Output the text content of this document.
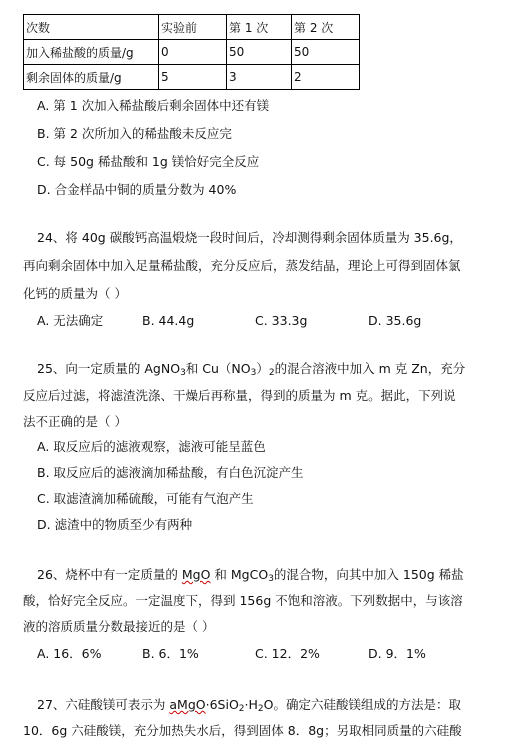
次数	实验前	第 1 次	第 2 次
加入稀盐酸的质量/g	0	50	50
剩余固体的质量/g	5	3	2
A. 第 1 次加入稀盐酸后剩余固体中还有镁
B. 第 2 次所加入的稀盐酸未反应完
C. 每 50g 稀盐酸和 1g 镁恰好完全反应
D. 合金样品中铜的质量分数为 40%
24、将 40g 碳酸钙高温煅烧一段时间后，冷却测得剩余固体质量为 35.6g，
再向剩余固体中加入足量稀盐酸，充分反应后，蒸发结晶，理论上可得到固体氯
化钙的质量为（ ）
A. 无法确定	B. 44.4g	C. 33.3g	D. 35.6g
25、向一定质量的 AgNO$_3$和 $Cu(NO_3)_2$的混合溶液中加入 m 克 Zn，充分
反应后过滤，将滤渣洗涤、干燥后再称量，得到的质量为 m 克。据此，下列说
法不正确的是（ ）
A. 取反应后的滤液观察，滤液可能呈蓝色
B. 取反应后的滤液滴加稀盐酸，有白色沉淀产生
C. 取滤渣滴加稀硫酸，可能有气泡产生
D. 滤渣中的物质至少有两种
26、烧杯中有一定质量的 MgO 和 MgCO$_3$的混合物，向其中加入 150g 稀盐
酸，恰好完全反应。一定温度下，得到 156g 不饱和溶液。下列数据中，与该溶
液的溶质质量分数最接近的是（ ）
A. 16．6%	B. 6．1%	C. 12．2%	D. 9．1%
27、六硅酸镁可表示为 $aMgO\cdot 6SiO_2\cdot H_2O$。确定六硅酸镁组成的方法是：取
10．6g 六硅酸镁，充分加热失水后，得到固体 8．8g；另取相同质量的六硅酸
